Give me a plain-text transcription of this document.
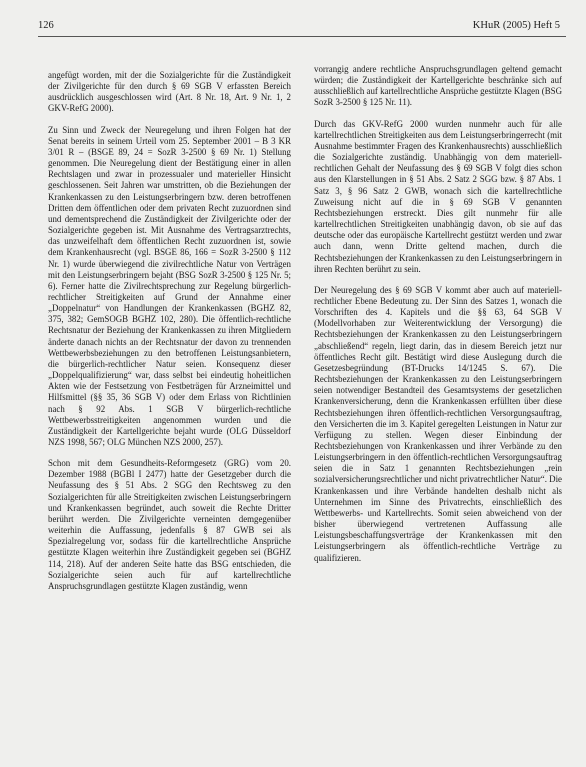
126	KHuR (2005) Heft 5

angefügt worden, mit der die Sozialgerichte für die Zuständigkeit der Zivilgerichte für den durch § 69 SGB V erfassten Bereich ausdrücklich ausgeschlossen wird (Art. 8 Nr. 18, Art. 9 Nr. 1, 2 GKV-RefG 2000).

Zu Sinn und Zweck der Neuregelung und ihren Folgen hat der Senat bereits in seinem Urteil vom 25. September 2001 – B 3 KR 3/01 R – (BSGE 89, 24 = SozR 3-2500 § 69 Nr. 1) Stellung genommen. Die Neuregelung dient der Bestätigung einer in allen Rechtslagen und zwar in prozessualer und materieller Hinsicht geschlossenen. Seit Jahren war umstritten, ob die Beziehungen der Krankenkassen zu den Leistungserbringern bzw. deren betroffenen Dritten dem öffentlichen oder dem privaten Recht zuzuordnen sind und dementsprechend die Zuständigkeit der Zivilgerichte oder der Sozialgerichte gegeben ist. Mit Ausnahme des Vertragsarztrechts, das unzweifelhaft dem öffentlichen Recht zuzuordnen ist, sowie dem Krankenhausrecht (vgl. BSGE 86, 166 = SozR 3-2500 § 112 Nr. 1) wurde überwiegend die zivilrechtliche Natur von Verträgen mit den Leistungserbringern bejaht (BSG SozR 3-2500 § 125 Nr. 5; 6). Ferner hatte die Zivilrechtsprechung zur Regelung bürgerlich-rechtlicher Streitigkeiten auf Grund der Annahme einer „Doppelnatur“ von Handlungen der Krankenkassen (BGHZ 82, 375, 382; GemSOGB BGHZ 102, 280). Die öffentlich-rechtliche Rechtsnatur der Beziehung der Krankenkassen zu ihren Mitgliedern änderte danach nichts an der Rechtsnatur der davon zu trennenden Wettbewerbsbeziehungen zu den betroffenen Leistungsanbietern, die bürgerlich-rechtlicher Natur seien. Konsequenz dieser „Doppelqualifizierung“ war, dass selbst bei eindeutig hoheitlichen Akten wie der Festsetzung von Festbeträgen für Arzneimittel und Hilfsmittel (§§ 35, 36 SGB V) oder dem Erlass von Richtlinien nach § 92 Abs. 1 SGB V bürgerlich-rechtliche Wettbewerbsstreitigkeiten angenommen wurden und die Zuständigkeit der Kartellgerichte bejaht wurde (OLG Düsseldorf NZS 1998, 567; OLG München NZS 2000, 257).

Schon mit dem Gesundheits-Reformgesetz (GRG) vom 20. Dezember 1988 (BGBl I 2477) hatte der Gesetzgeber durch die Neufassung des § 51 Abs. 2 SGG den Rechtsweg zu den Sozialgerichten für alle Streitigkeiten zwischen Leistungserbringern und Krankenkassen begründet, auch soweit die Rechte Dritter berührt werden. Die Zivilgerichte verneinten demgegenüber weiterhin die Auffassung, jedenfalls § 87 GWB sei als Spezialregelung vor, sodass für die kartellrechtliche Ansprüche gestützte Klagen weiterhin ihre Zuständigkeit gegeben sei (BGHZ 114, 218). Auf der anderen Seite hatte das BSG entschieden, die Sozialgerichte seien auch für auf kartellrechtliche Anspruchsgrundlagen gestützte Klagen zuständig, wenn

vorrangig andere rechtliche Anspruchsgrundlagen geltend gemacht würden; die Zuständigkeit der Kartellgerichte beschränke sich auf ausschließlich auf kartellrechtliche Ansprüche gestützte Klagen (BSG SozR 3-2500 § 125 Nr. 11).

Durch das GKV-RefG 2000 wurden nunmehr auch für alle kartellrechtlichen Streitigkeiten aus dem Leistungserbringerrecht (mit Ausnahme bestimmter Fragen des Krankenhausrechts) ausschließlich die Sozialgerichte zuständig. Unabhängig von dem materiell-rechtlichen Gehalt der Neufassung des § 69 SGB V folgt dies schon aus den Klarstellungen in § 51 Abs. 2 Satz 2 SGG bzw. § 87 Abs. 1 Satz 3, § 96 Satz 2 GWB, wonach sich die kartellrechtliche Zuweisung nicht auf die in § 69 SGB V genannten Rechtsbeziehungen erstreckt. Dies gilt nunmehr für alle kartellrechtlichen Streitigkeiten unabhängig davon, ob sie auf das deutsche oder das europäische Kartellrecht gestützt werden und zwar auch dann, wenn Dritte geltend machen, durch die Rechtsbeziehungen der Krankenkassen zu den Leistungserbringern in ihren Rechten berührt zu sein.

Der Neuregelung des § 69 SGB V kommt aber auch auf materiell-rechtlicher Ebene Bedeutung zu. Der Sinn des Satzes 1, wonach die Vorschriften des 4. Kapitels und die §§ 63, 64 SGB V (Modellvorhaben zur Weiterentwicklung der Versorgung) die Rechtsbeziehungen der Krankenkassen zu den Leistungserbringern „abschließend“ regeln, liegt darin, das in diesem Bereich jetzt nur öffentliches Recht gilt. Bestätigt wird diese Auslegung durch die Gesetzesbegründung (BT-Drucks 14/1245 S. 67). Die Rechtsbeziehungen der Krankenkassen zu den Leistungserbringern seien notwendiger Bestandteil des Gesamtsystems der gesetzlichen Krankenversicherung, denn die Krankenkassen erfüllten über diese Rechtsbeziehungen ihren öffentlich-rechtlichen Versorgungsauftrag, den Versicherten die im 3. Kapitel geregelten Leistungen in Natur zur Verfügung zu stellen. Wegen dieser Einbindung der Rechtsbeziehungen von Krankenkassen und ihrer Verbände zu den Leistungserbringern in den öffentlich-rechtlichen Versorgungsauftrag seien die in Satz 1 genannten Rechtsbeziehungen „rein sozialversicherungsrechtlicher und nicht privatrechtlicher Natur“. Die Krankenkassen und ihre Verbände handelten deshalb nicht als Unternehmen im Sinne des Privatrechts, einschließlich des Wettbewerbs- und Kartellrechts. Somit seien abweichend von der bisher überwiegend vertretenen Auffassung alle Leistungsbeschaffungsverträge der Krankenkassen mit den Leistungserbringern als öffentlich-rechtliche Verträge zu qualifizieren.
